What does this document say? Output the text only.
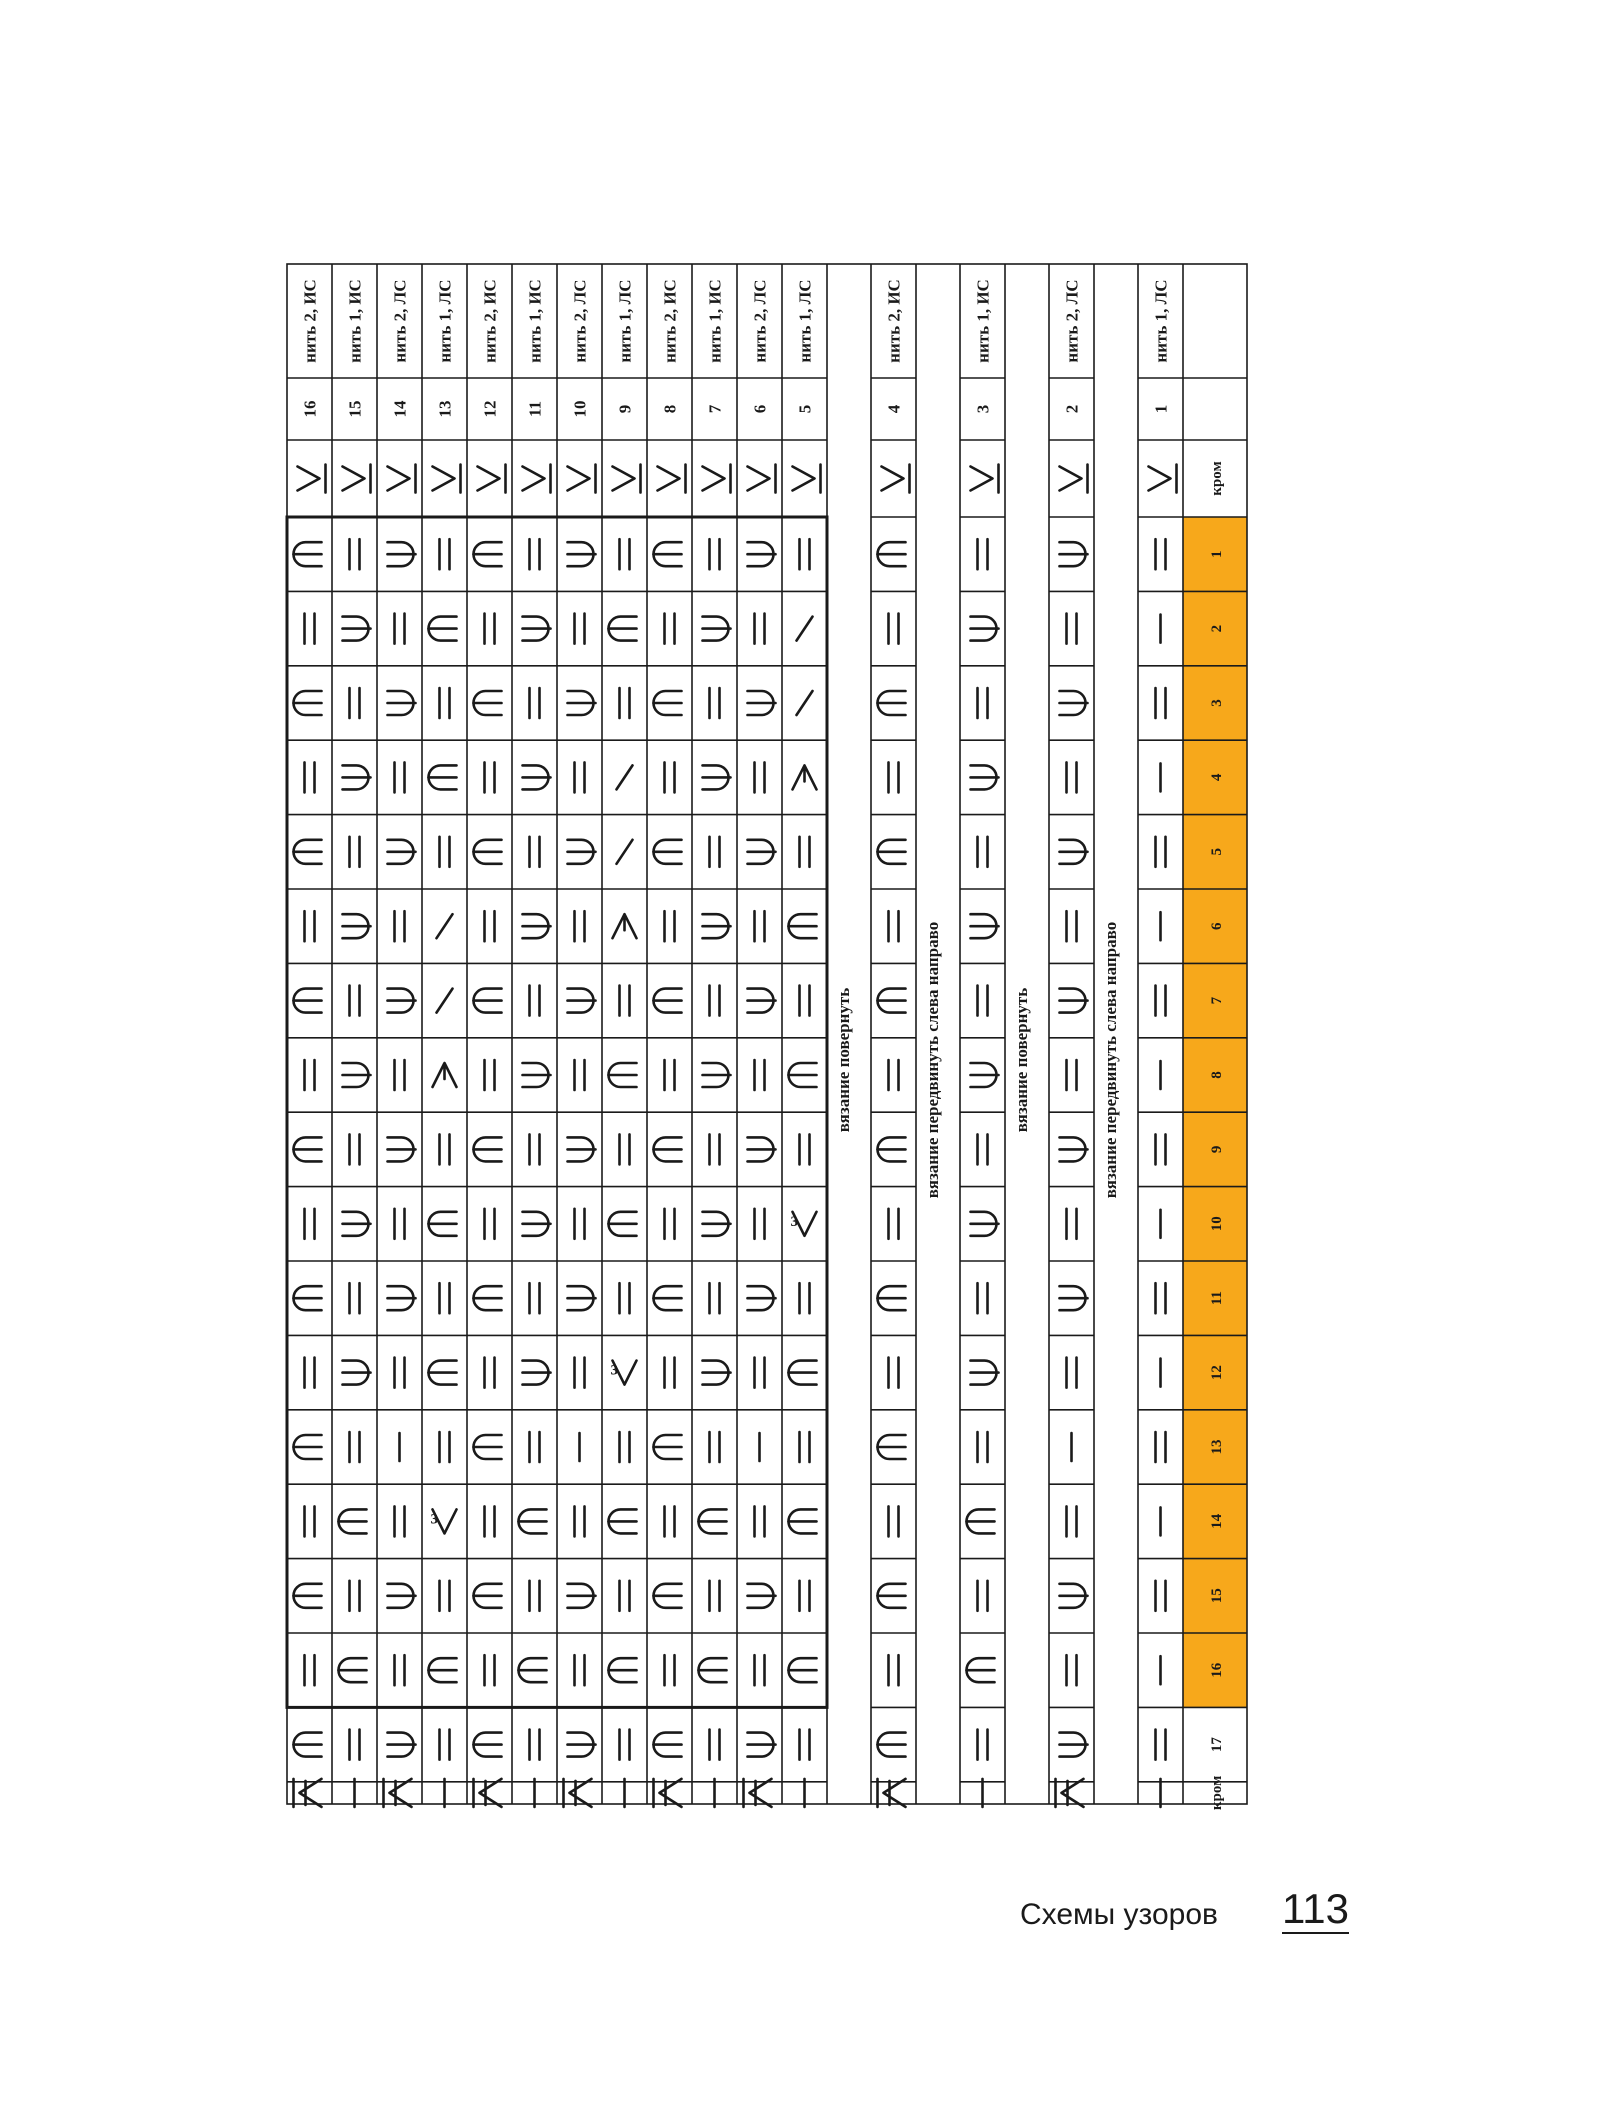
нить 2, ИС
16
нить 1, ИС
15
нить 2, ЛС
14
нить 1, ЛС
13
3
нить 2, ИС
12
нить 1, ИС
11
нить 2, ЛС
10
нить 1, ЛС
9
3
нить 2, ИС
8
нить 1, ИС
7
нить 2, ЛС
6
нить 1, ЛС
5
3
вязание повернуть
нить 2, ИС
4
вязание передвинуть слева направо
нить 1, ИС
3
вязание повернуть
нить 2, ЛС
2
вязание передвинуть слева направо
нить 1, ЛС
1
кром
кром
1
2
3
4
5
6
7
8
9
10
11
12
13
14
15
16
17
Схемы узоров 113
